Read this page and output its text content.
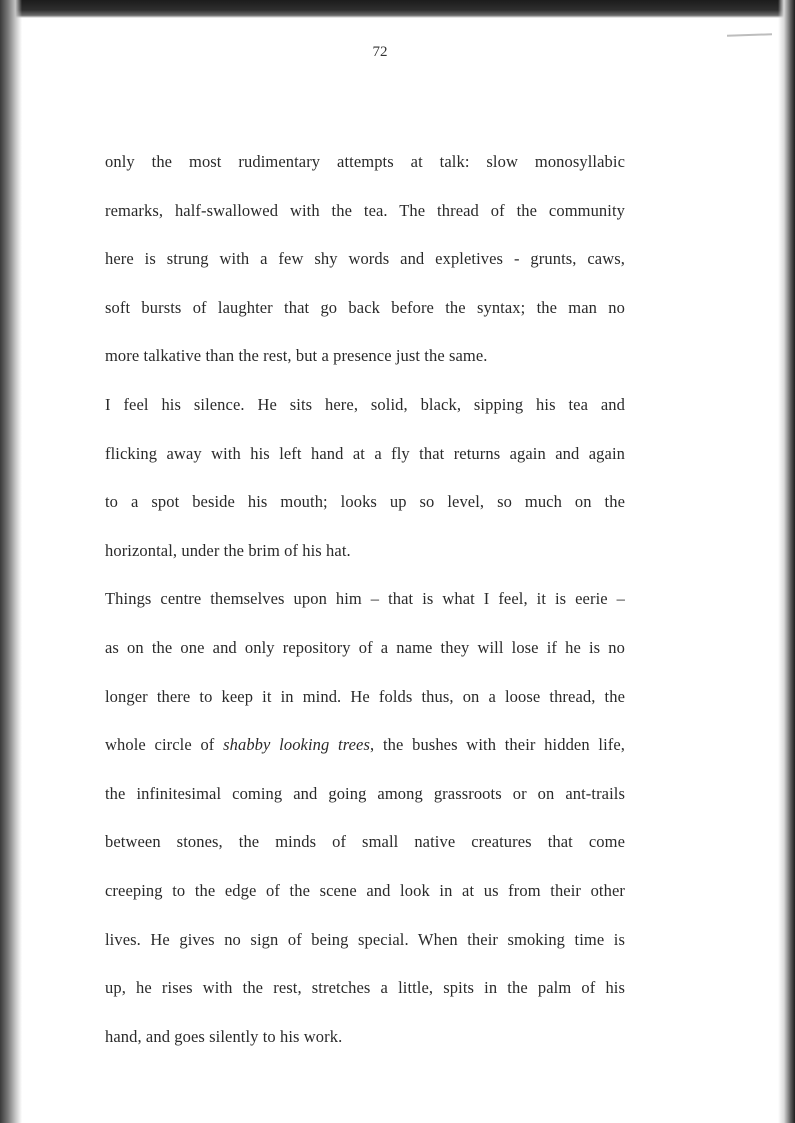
72
only the most rudimentary attempts at talk: slow monosyllabic
remarks, half-swallowed with the tea. The thread of the community
here is strung with a few shy words and expletives - grunts, caws,
soft bursts of laughter that go back before the syntax; the man no
more talkative than the rest, but a presence just the same.
I feel his silence. He sits here, solid, black, sipping his tea and
flicking away with his left hand at a fly that returns again and again
to a spot beside his mouth; looks up so level, so much on the
horizontal, under the brim of his hat.
Things centre themselves upon him – that is what I feel, it is eerie –
as on the one and only repository of a name they will lose if he is no
longer there to keep it in mind. He folds thus, on a loose thread, the
whole circle of shabby looking trees, the bushes with their hidden life,
the infinitesimal coming and going among grassroots or on ant-trails
between stones, the minds of small native creatures that come
creeping to the edge of the scene and look in at us from their other
lives. He gives no sign of being special. When their smoking time is
up, he rises with the rest, stretches a little, spits in the palm of his
hand, and goes silently to his work.
